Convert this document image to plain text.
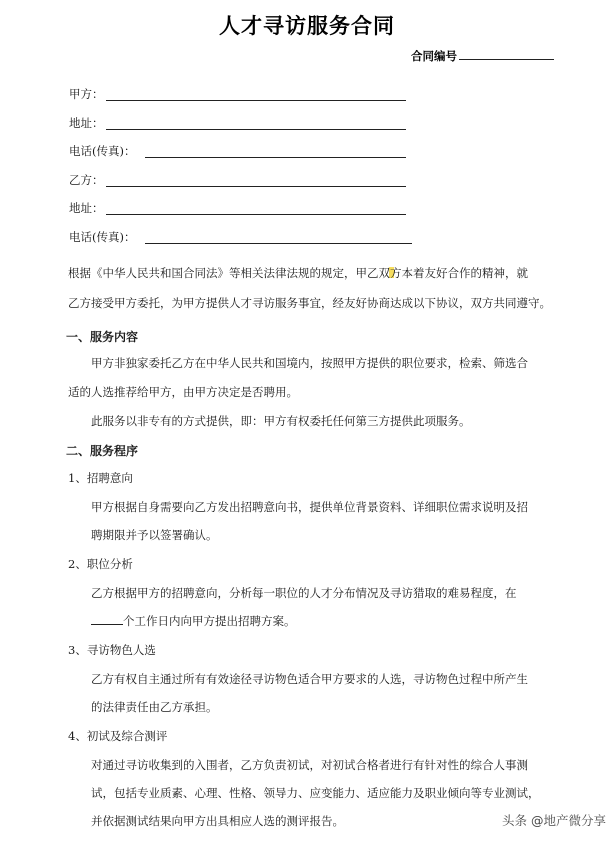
人才寻访服务合同
合同编号
甲方：
地址：
电话(传真)：
乙方：
地址：
电话(传真)：
根据《中华人民共和国合同法》等相关法律法规的规定，甲乙双方本着友好合作的精神，就
乙方接受甲方委托，为甲方提供人才寻访服务事宜，经友好协商达成以下协议，双方共同遵守。
一、服务内容
甲方非独家委托乙方在中华人民共和国境内，按照甲方提供的职位要求，检索、筛选合
适的人选推荐给甲方，由甲方决定是否聘用。
此服务以非专有的方式提供，即：甲方有权委托任何第三方提供此项服务。
二、服务程序
1、招聘意向
甲方根据自身需要向乙方发出招聘意向书，提供单位背景资料、详细职位需求说明及招
聘期限并予以签署确认。
2、职位分析
乙方根据甲方的招聘意向，分析每一职位的人才分布情况及寻访猎取的难易程度，在
个工作日内向甲方提出招聘方案。
3、寻访物色人选
乙方有权自主通过所有有效途径寻访物色适合甲方要求的人选，寻访物色过程中所产生
的法律责任由乙方承担。
4、初试及综合测评
对通过寻访收集到的入围者，乙方负责初试，对初试合格者进行有针对性的综合人事测
试，包括专业质素、心理、性格、领导力、应变能力、适应能力及职业倾向等专业测试，
并依据测试结果向甲方出具相应人选的测评报告。	头条 @地产微分享
